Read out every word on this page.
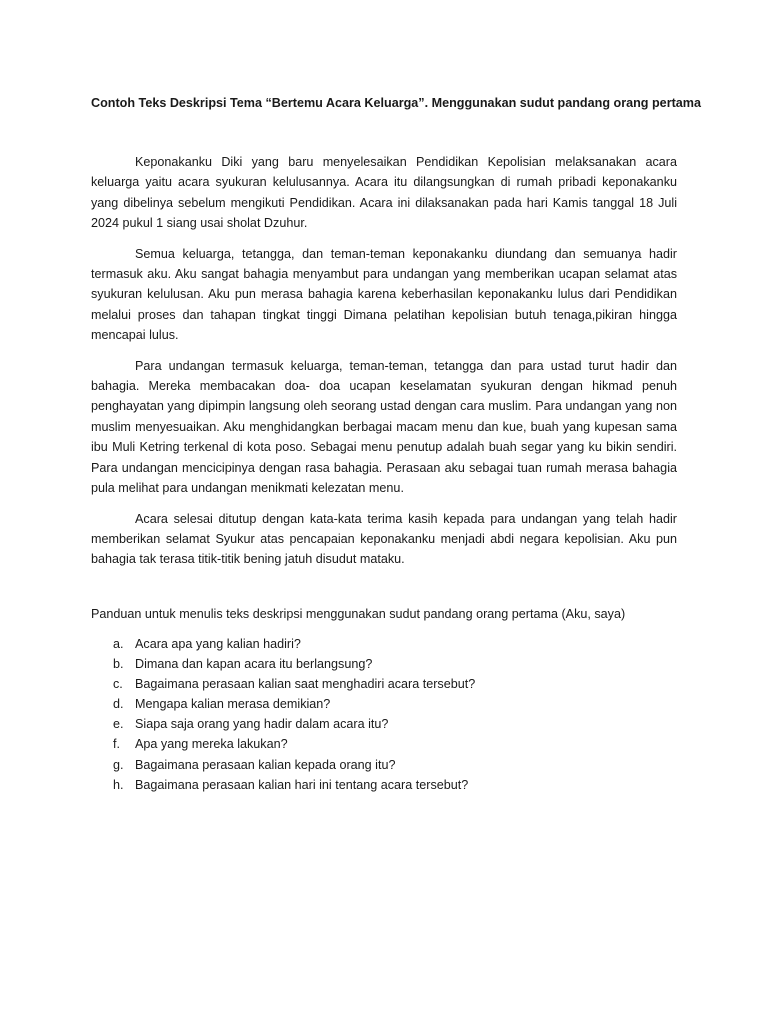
Contoh Teks Deskripsi Tema “Bertemu Acara Keluarga”. Menggunakan sudut pandang orang pertama

Keponakanku Diki yang baru menyelesaikan Pendidikan Kepolisian melaksanakan acara keluarga yaitu acara syukuran kelulusannya. Acara itu dilangsungkan di rumah pribadi keponakanku yang dibelinya sebelum mengikuti Pendidikan. Acara ini dilaksanakan pada hari Kamis tanggal 18 Juli 2024 pukul 1 siang usai sholat Dzuhur.

Semua keluarga, tetangga, dan teman-teman keponakanku diundang dan semuanya hadir termasuk aku. Aku sangat bahagia menyambut para undangan yang memberikan ucapan selamat atas syukuran kelulusan. Aku pun merasa bahagia karena keberhasilan keponakanku lulus dari Pendidikan melalui proses dan tahapan tingkat tinggi Dimana pelatihan kepolisian butuh tenaga,pikiran hingga mencapai lulus.

Para undangan termasuk keluarga, teman-teman, tetangga dan para ustad turut hadir dan bahagia. Mereka membacakan doa- doa ucapan keselamatan syukuran dengan hikmad penuh penghayatan yang dipimpin langsung oleh seorang ustad dengan cara muslim. Para undangan yang non muslim menyesuaikan. Aku menghidangkan berbagai macam menu dan kue, buah yang kupesan sama ibu Muli Ketring terkenal di kota poso. Sebagai menu penutup adalah buah segar yang ku bikin sendiri. Para undangan mencicipinya dengan rasa bahagia. Perasaan aku sebagai tuan rumah merasa bahagia pula melihat para undangan menikmati kelezatan menu.

Acara selesai ditutup dengan kata-kata terima kasih kepada para undangan yang telah hadir memberikan selamat Syukur atas pencapaian keponakanku menjadi abdi negara kepolisian. Aku pun bahagia tak terasa titik-titik bening jatuh disudut mataku.

Panduan untuk menulis teks deskripsi menggunakan sudut pandang orang pertama (Aku, saya)

a. Acara apa yang kalian hadiri?
b. Dimana dan kapan acara itu berlangsung?
c. Bagaimana perasaan kalian saat menghadiri acara tersebut?
d. Mengapa kalian merasa demikian?
e. Siapa saja orang yang hadir dalam acara itu?
f.	Apa yang mereka lakukan?
g. Bagaimana perasaan kalian kepada orang itu?
h. Bagaimana perasaan kalian hari ini tentang acara tersebut?
